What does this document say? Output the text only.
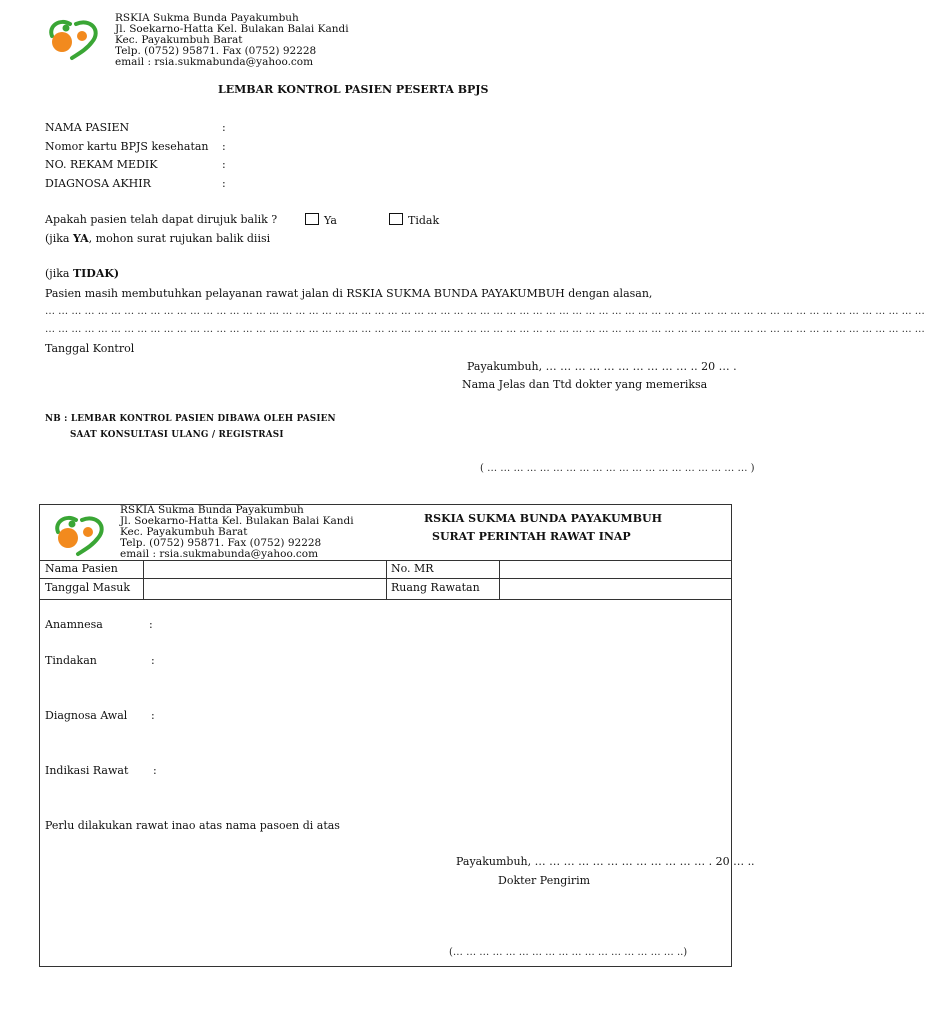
RSKIA Sukma Bunda Payakumbuh
Jl. Soekarno-Hatta Kel. Bulakan Balai Kandi
Kec. Payakumbuh Barat
Telp. (0752) 95871. Fax (0752) 92228
email : rsia.sukmabunda@yahoo.com
LEMBAR KONTROL PASIEN PESERTA BPJS
NAMA PASIEN	:
Nomor kartu BPJS kesehatan :
NO. REKAM MEDIK	:
DIAGNOSA AKHIR	:
Apakah pasien telah dapat dirujuk balik ?	Ya	Tidak
(jika YA, mohon surat rujukan balik diisi
(jika TIDAK)
Pasien masih membutuhkan pelayanan rawat jalan di RSKIA SUKMA BUNDA PAYAKUMBUH dengan alasan,
… … … … … … … … … … … … … … … … … … … … … … … … … … … … … … … … … … … … … … … … … … … … … … … … … … … … … … … … … … … … … … … … … … …
… … … … … … … … … … … … … … … … … … … … … … … … … … … … … … … … … … … … … … … … … … … … … … … … … … … … … … … … … … … … … … … … … … …
Tanggal Kontrol
Payakumbuh, … … … … … … … … … … .. 20 … .
Nama Jelas dan Ttd dokter yang memeriksa
NB : LEMBAR KONTROL PASIEN DIBAWA OLEH PASIEN
SAAT KONSULTASI ULANG / REGISTRASI
( … … … … … … … … … … … … … … … … … … … … )
RSKIA Sukma Bunda Payakumbuh
Jl. Soekarno-Hatta Kel. Bulakan Balai Kandi
Kec. Payakumbuh Barat
Telp. (0752) 95871. Fax (0752) 92228
email : rsia.sukmabunda@yahoo.com
RSKIA SUKMA BUNDA PAYAKUMBUH
SURAT PERINTAH RAWAT INAP
Nama Pasien	No. MR
Tanggal Masuk	Ruang Rawatan
Anamnesa	:
Tindakan	:
Diagnosa Awal :
Indikasi Rawat :
Perlu dilakukan rawat inao atas nama pasoen di atas
Payakumbuh, … … … … … … … … … … … … . 20 … ..
Dokter Pengirim
(… … … … … … … … … … … … … … … … … ..)
